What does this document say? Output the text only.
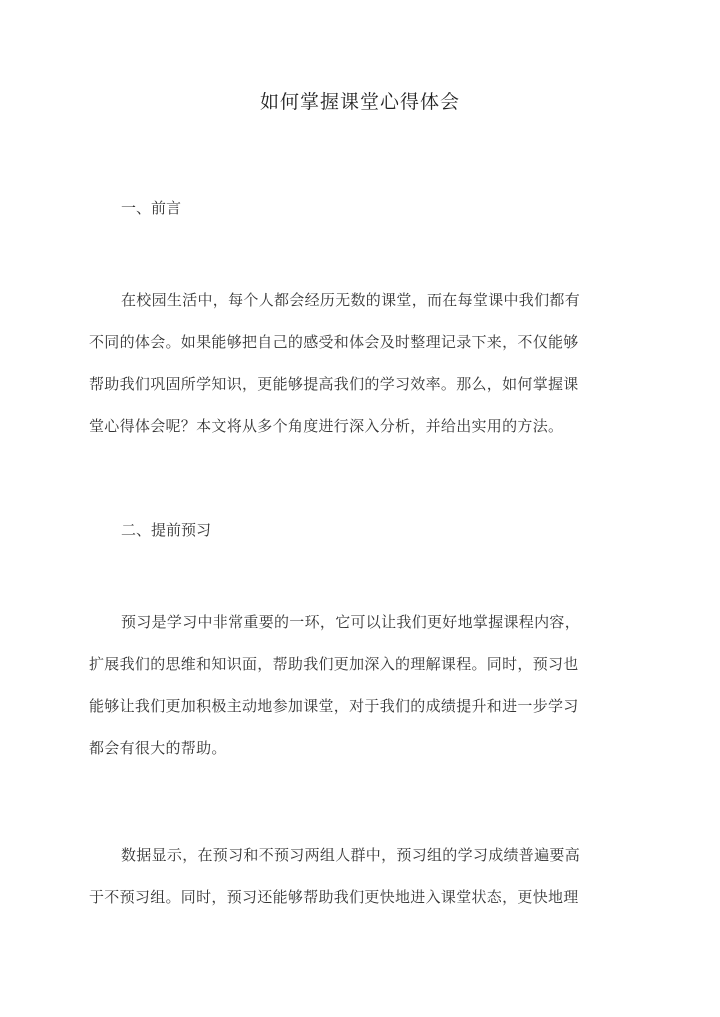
如何掌握课堂心得体会
一、前言
在校园生活中，每个人都会经历无数的课堂，而在每堂课中我们都有
不同的体会。如果能够把自己的感受和体会及时整理记录下来，不仅能够
帮助我们巩固所学知识，更能够提高我们的学习效率。那么，如何掌握课
堂心得体会呢？本文将从多个角度进行深入分析，并给出实用的方法。
二、提前预习
预习是学习中非常重要的一环，它可以让我们更好地掌握课程内容，
扩展我们的思维和知识面，帮助我们更加深入的理解课程。同时，预习也
能够让我们更加积极主动地参加课堂，对于我们的成绩提升和进一步学习
都会有很大的帮助。
数据显示，在预习和不预习两组人群中，预习组的学习成绩普遍要高
于不预习组。同时，预习还能够帮助我们更快地进入课堂状态，更快地理
